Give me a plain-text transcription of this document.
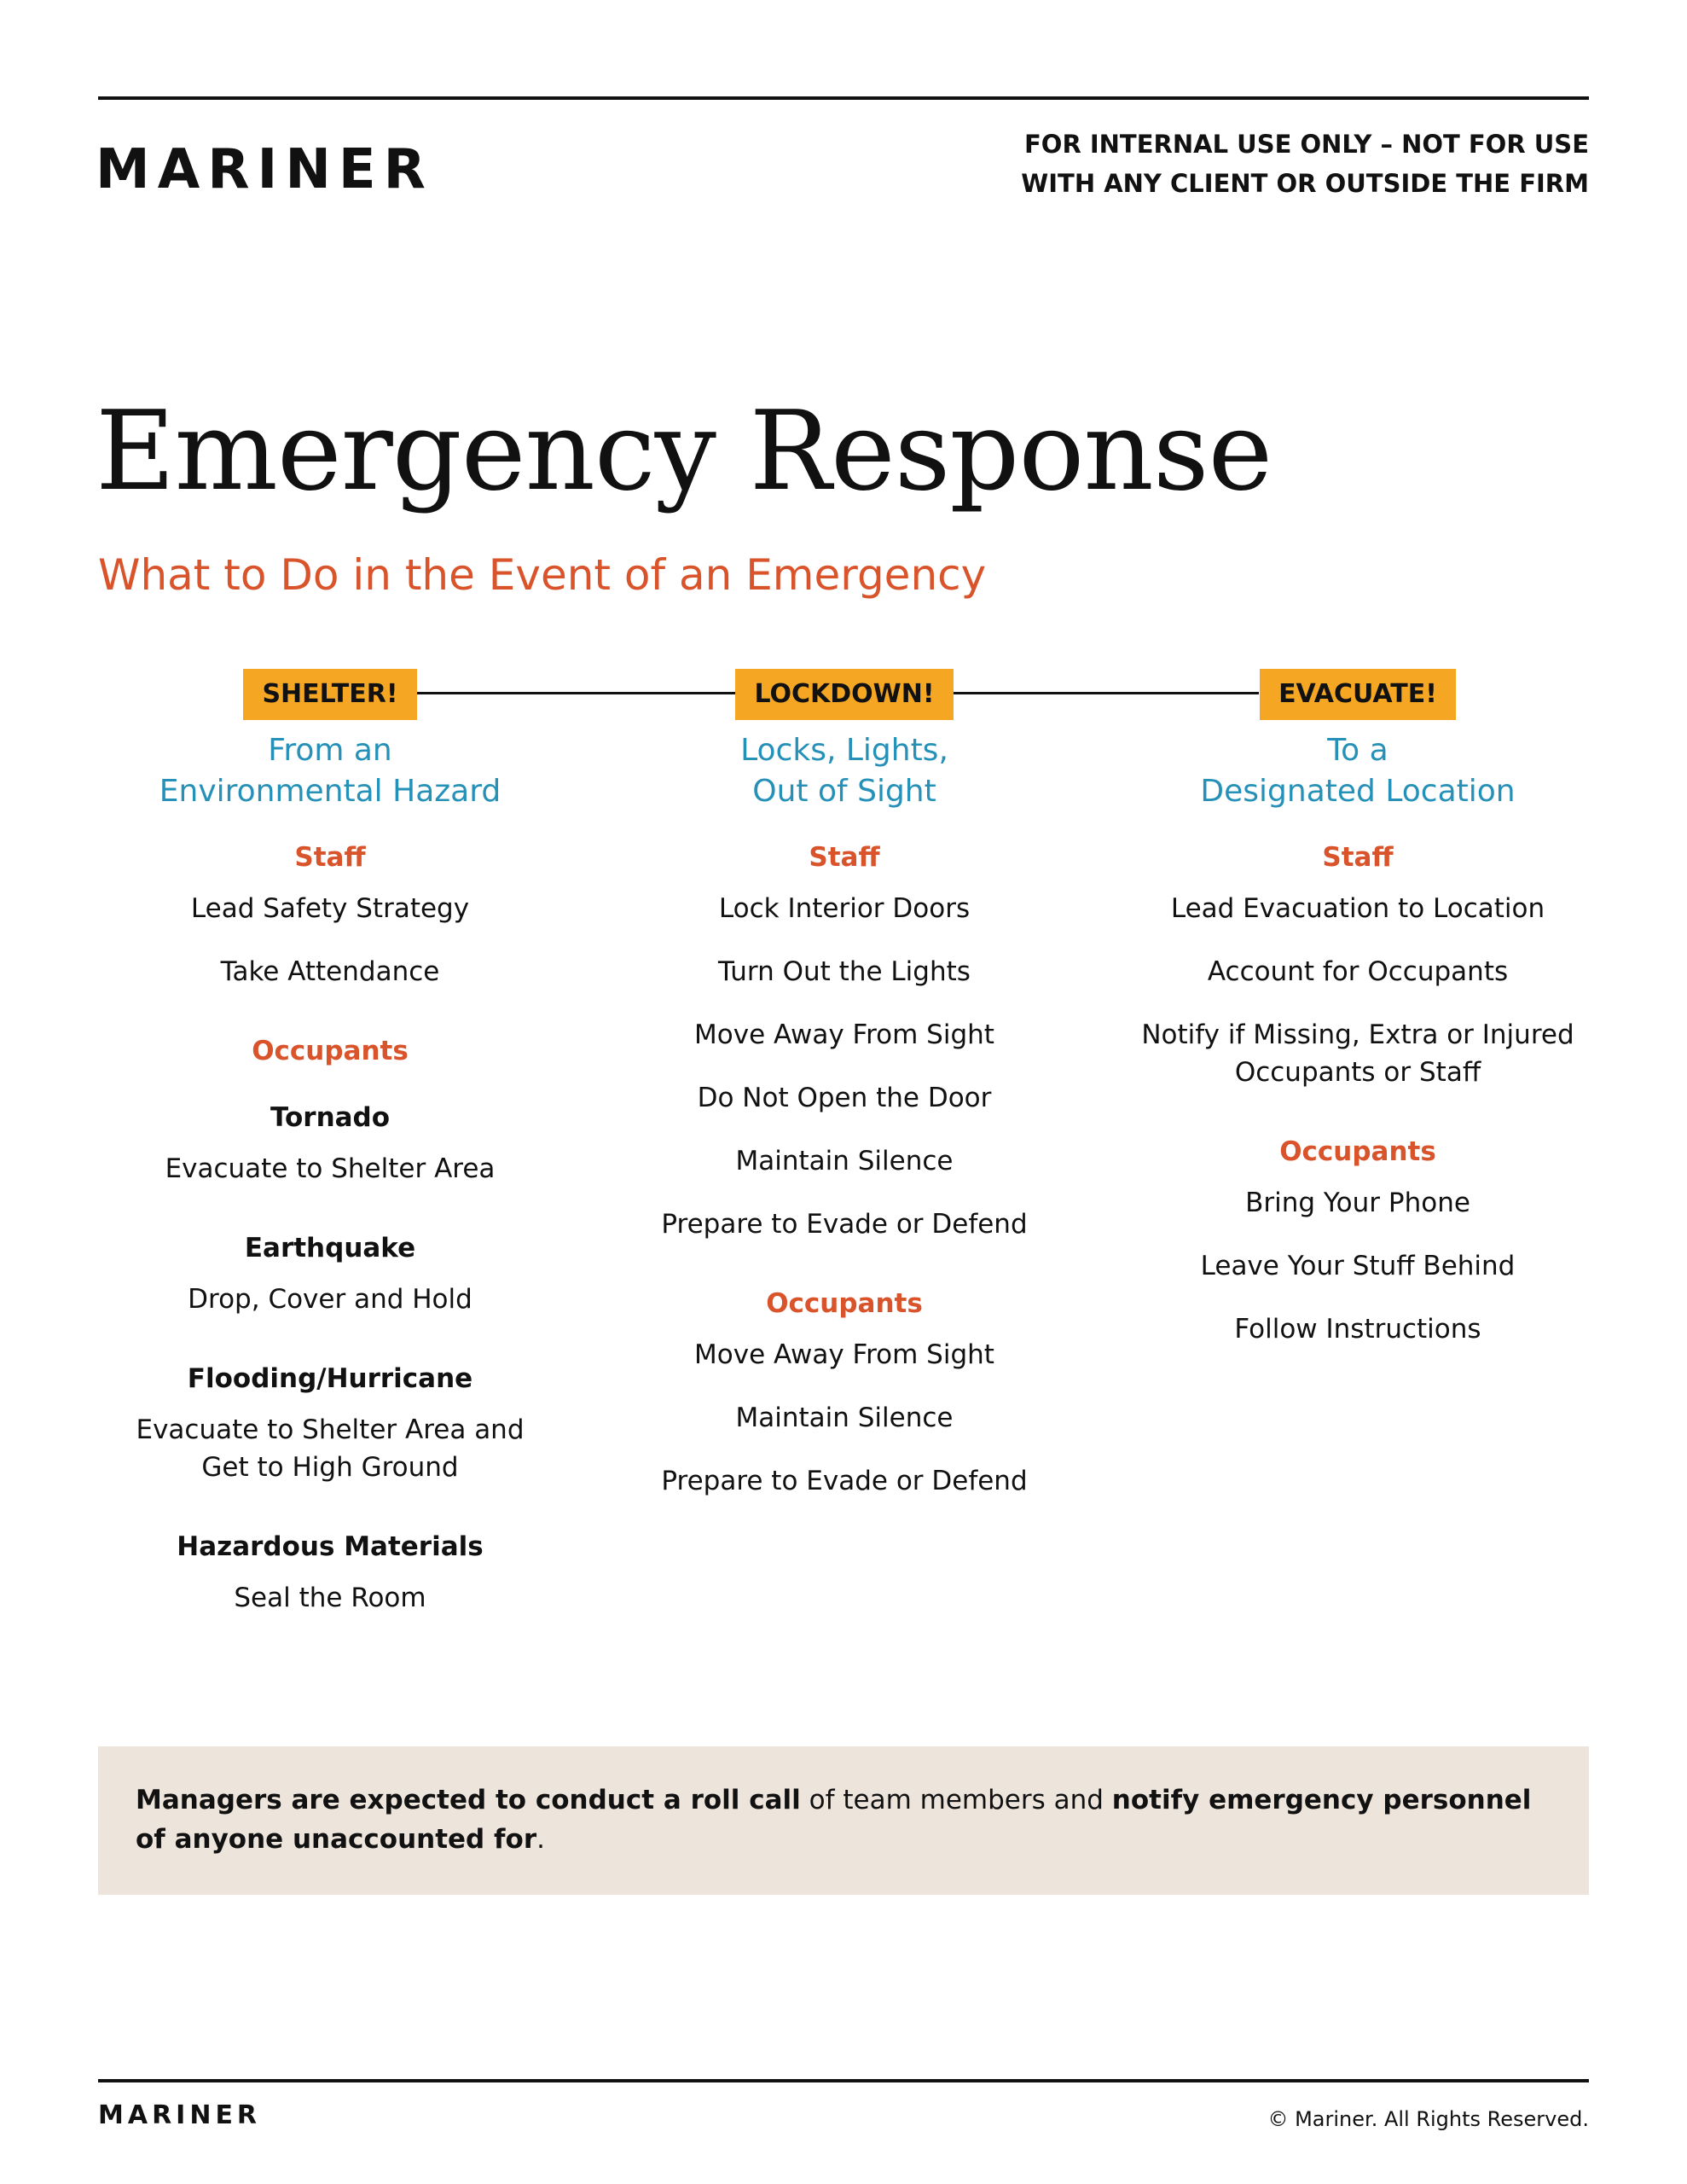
MARINER	FOR INTERNAL USE ONLY – NOT FOR USE
WITH ANY CLIENT OR OUTSIDE THE FIRM
Emergency Response
What to Do in the Event of an Emergency
SHELTER!
From an
Environmental Hazard
Staff
Lead Safety Strategy
Take Attendance
Occupants
Tornado
Evacuate to Shelter Area
Earthquake
Drop, Cover and Hold
Flooding/Hurricane
Evacuate to Shelter Area and
Get to High Ground
Hazardous Materials
Seal the Room
LOCKDOWN!
Locks, Lights,
Out of Sight
Staff
Lock Interior Doors
Turn Out the Lights
Move Away From Sight
Do Not Open the Door
Maintain Silence
Prepare to Evade or Defend
Occupants
Move Away From Sight
Maintain Silence
Prepare to Evade or Defend
EVACUATE!
To a
Designated Location
Staff
Lead Evacuation to Location
Account for Occupants
Notify if Missing, Extra or Injured
Occupants or Staff
Occupants
Bring Your Phone
Leave Your Stuff Behind
Follow Instructions
Managers are expected to conduct a roll call of team members and notify emergency personnel of anyone unaccounted for.
MARINER	© Mariner. All Rights Reserved.
